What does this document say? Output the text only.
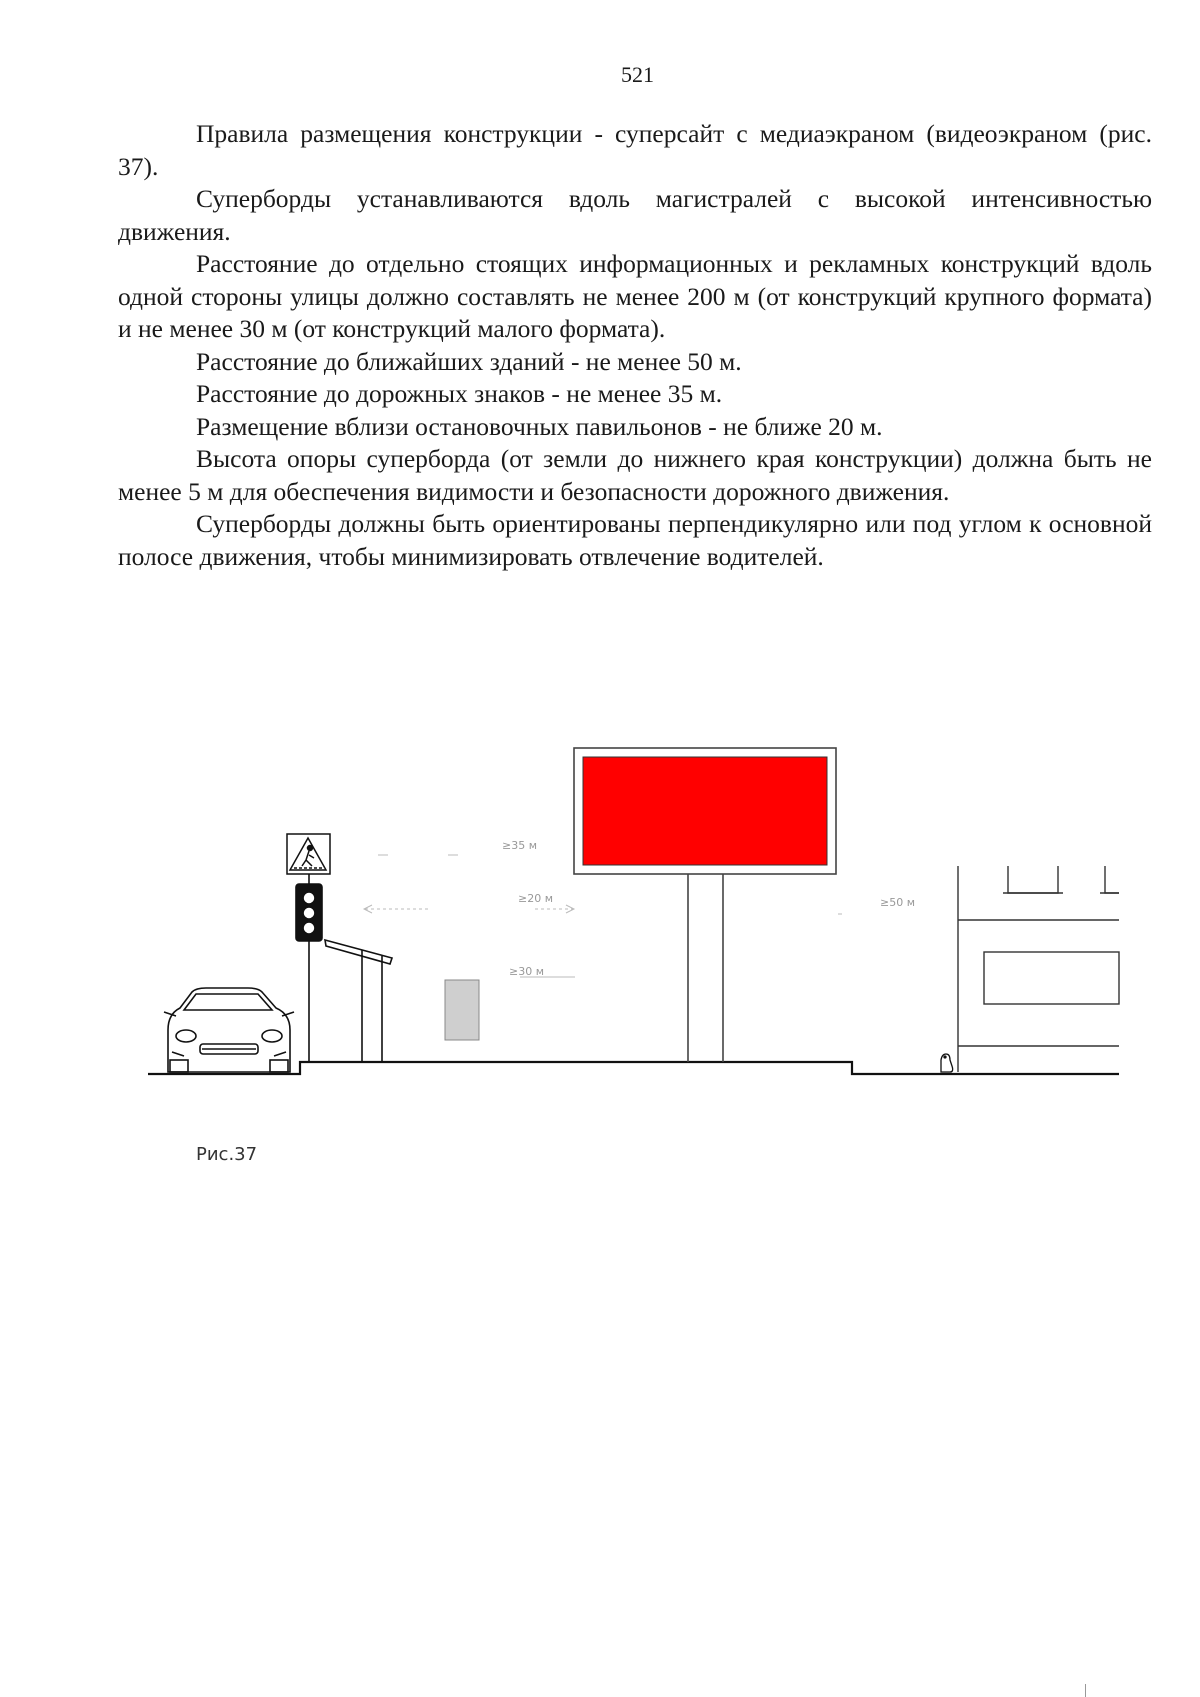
521

Правила размещения конструкции - суперсайт с медиаэкраном (видеоэкраном (рис. 37).

Суперборды устанавливаются вдоль магистралей с высокой интенсивностью движения.

Расстояние до отдельно стоящих информационных и рекламных конструкций вдоль одной стороны улицы должно составлять не менее 200 м (от конструкций крупного формата) и не менее 30 м (от конструкций малого формата).

Расстояние до ближайших зданий - не менее 50 м.

Расстояние до дорожных знаков - не менее 35 м.

Размещение вблизи остановочных павильонов - не ближе 20 м.

Высота опоры суперборда (от земли до нижнего края конструкции) должна быть не менее 5 м для обеспечения видимости и безопасности дорожного движения.

Суперборды должны быть ориентированы перпендикулярно или под углом к основной полосе движения, чтобы минимизировать отвлечение водителей.

≥35 м
≥20 м
≥30 м
≥50 м
Рис.37
